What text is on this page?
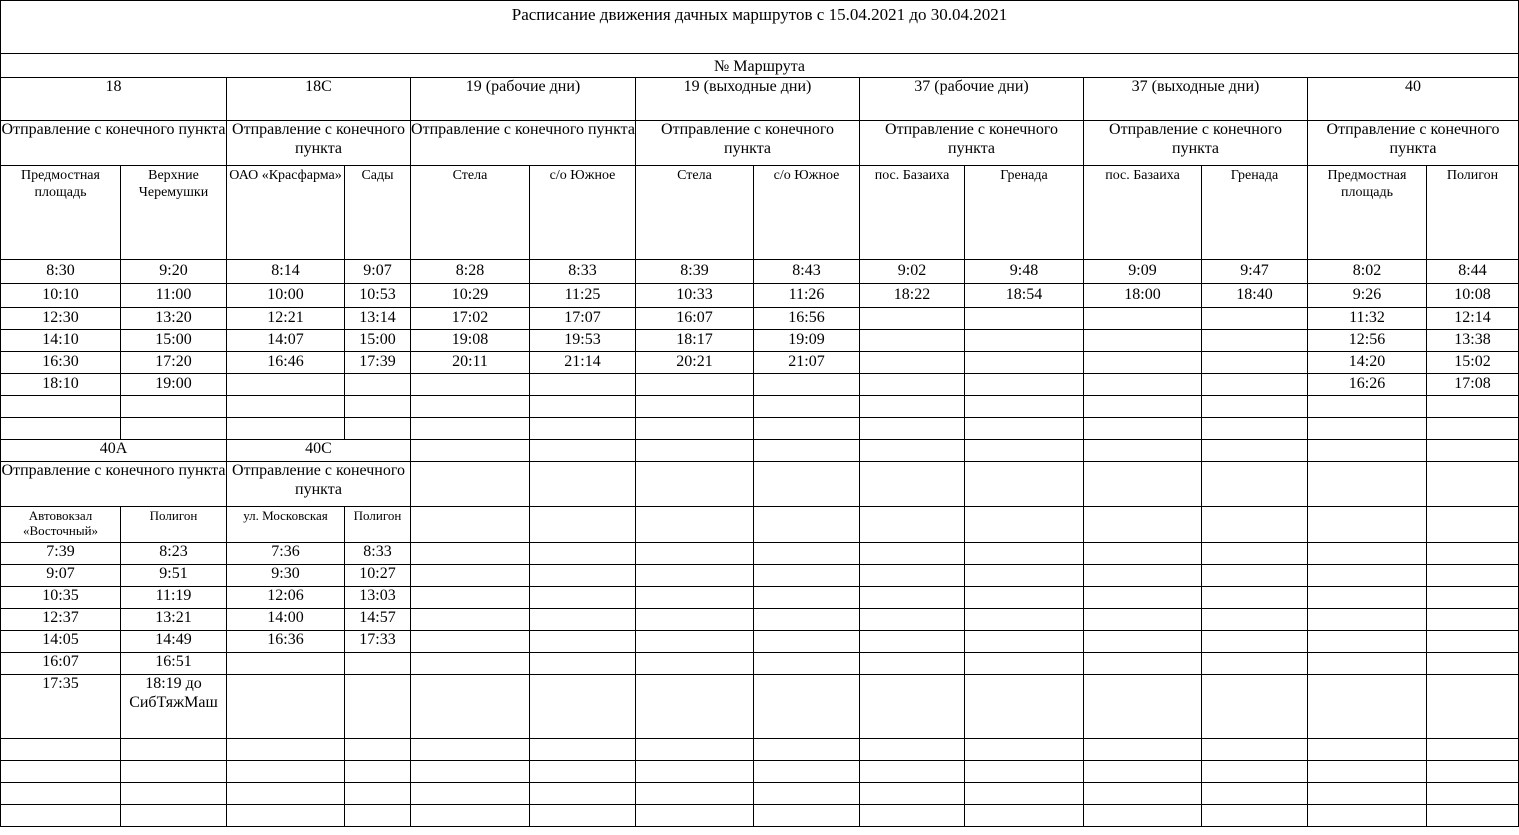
Расписание движения дачных маршрутов с 15.04.2021 до 30.04.2021													
№ Маршрута													
18		18С		19 (рабочие дни)		19 (выходные дни)		37 (рабочие дни)		37 (выходные дни)		40	
Отправление с конечного пункта		Отправление с конечного пункта		Отправление с конечного пункта		Отправление с конечного пункта		Отправление с конечного пункта		Отправление с конечного пункта		Отправление с конечного пункта	
Предмостная площадь	Верхние Черемушки	ОАО «Красфарма»	Сады	Стела	с/о Южное	Стела	с/о Южное	пос. Базаиха	Гренада	пос. Базаиха	Гренада	Предмостная площадь	Полигон
8:30	9:20	8:14	9:07	8:28	8:33	8:39	8:43	9:02	9:48	9:09	9:47	8:02	8:44
10:10	11:00	10:00	10:53	10:29	11:25	10:33	11:26	18:22	18:54	18:00	18:40	9:26	10:08
12:30	13:20	12:21	13:14	17:02	17:07	16:07	16:56					11:32	12:14
14:10	15:00	14:07	15:00	19:08	19:53	18:17	19:09					12:56	13:38
16:30	17:20	16:46	17:39	20:11	21:14	20:21	21:07					14:20	15:02
18:10	19:00											16:26	17:08

40А		40С											
Отправление с конечного пункта		Отправление с конечного пункта											
Автовокзал «Восточный»	Полигон	ул. Московская	Полигон										
7:39	8:23	7:36	8:33										
9:07	9:51	9:30	10:27										
10:35	11:19	12:06	13:03										
12:37	13:21	14:00	14:57										
14:05	14:49	16:36	17:33										
16:07	16:51												
17:35	18:19 до СибТяжМаш												
